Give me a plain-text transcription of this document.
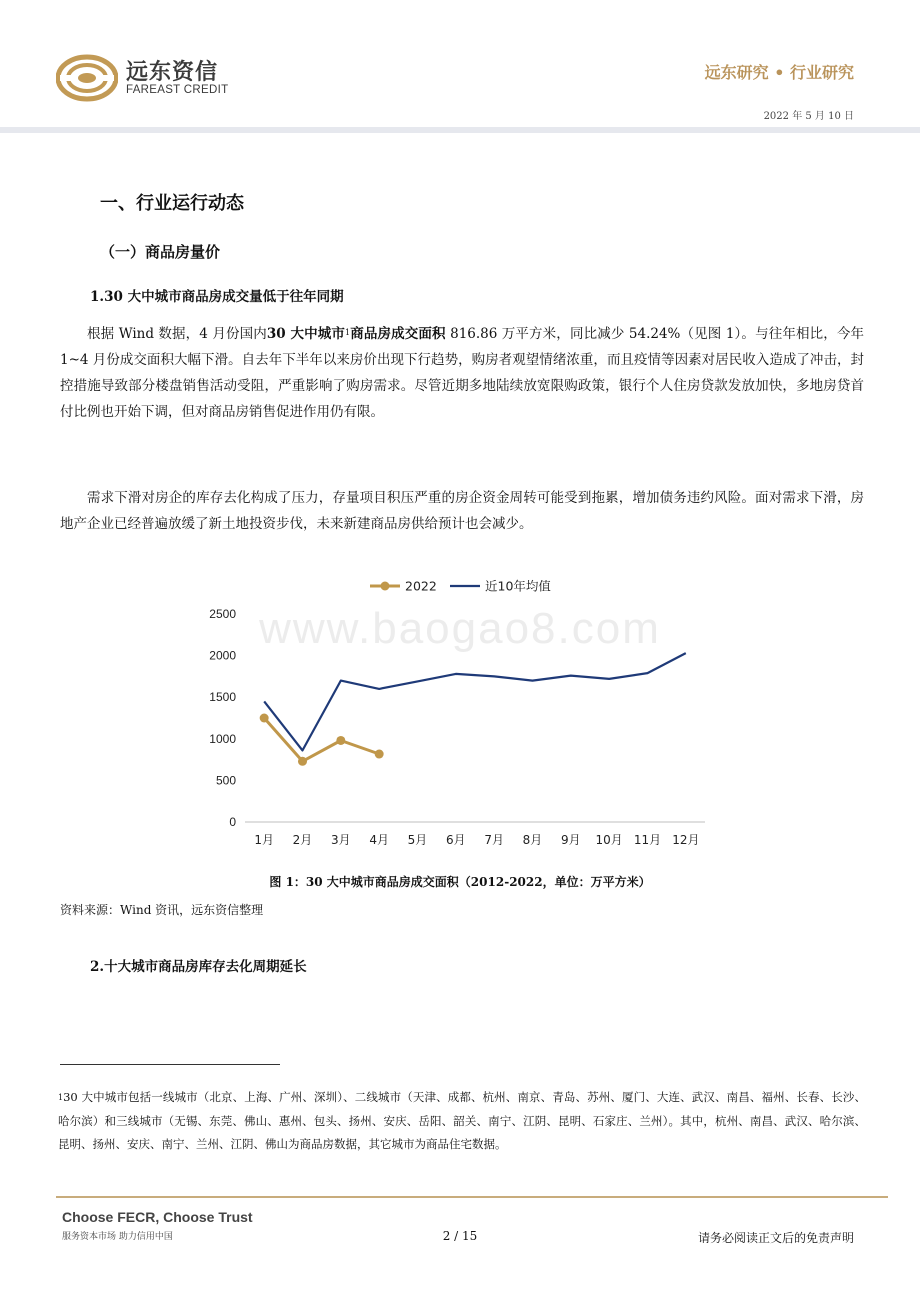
远东资信
FAREAST CREDIT
远东研究 • 行业研究
2022 年 5 月 10 日
一、行业运行动态
（一）商品房量价
1.30 大中城市商品房成交量低于往年同期
根据 Wind 数据，4 月份国内30 大中城市$^1$商品房成交面积 816.86 万平方米，同比减少 54.24%（见图 1）。与往年相比，今年 1~4 月份成交面积大幅下滑。自去年下半年以来房价出现下行趋势，购房者观望情绪浓重，而且疫情等因素对居民收入造成了冲击，封控措施导致部分楼盘销售活动受阻，严重影响了购房需求。尽管近期多地陆续放宽限购政策，银行个人住房贷款发放加快，多地房贷首付比例也开始下调，但对商品房销售促进作用仍有限。
需求下滑对房企的库存去化构成了压力，存量项目积压严重的房企资金周转可能受到拖累，增加债务违约风险。面对需求下滑，房地产企业已经普遍放缓了新土地投资步伐，未来新建商品房供给预计也会减少。
www.baogao8.com
0
500
1000
1500
2000
2500
1月 2月 3月 4月 5月 6月 7月 8月 9月 10月 11月 12月
2022	近10年均值
图 1：30 大中城市商品房成交面积（2012-2022，单位：万平方米）
资料来源：Wind 资讯，远东资信整理
2.十大城市商品房库存去化周期延长
$^1$30 大中城市包括一线城市（北京、上海、广州、深圳）、二线城市（天津、成都、杭州、南京、青岛、苏州、厦门、大连、武汉、南昌、福州、长春、长沙、哈尔滨）和三线城市（无锡、东莞、佛山、惠州、包头、扬州、安庆、岳阳、韶关、南宁、江阴、昆明、石家庄、兰州）。其中，杭州、南昌、武汉、哈尔滨、昆明、扬州、安庆、南宁、兰州、江阴、佛山为商品房数据，其它城市为商品住宅数据。
Choose FECR, Choose Trust
服务资本市场 助力信用中国	2 / 15	请务必阅读正文后的免责声明
